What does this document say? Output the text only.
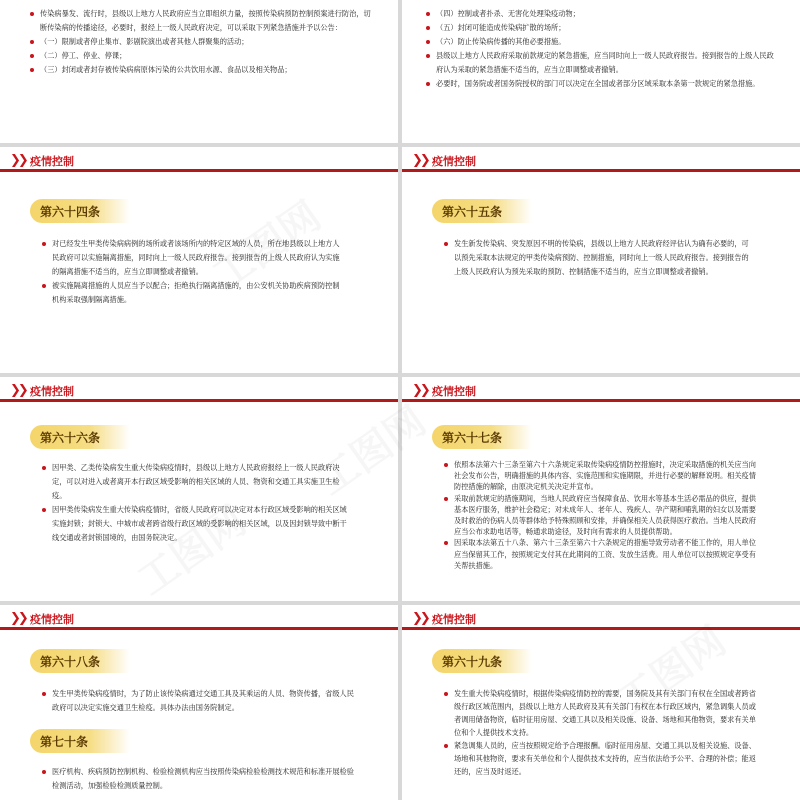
传染病暴发、流行时，县级以上地方人民政府应当立即组织力量，按照传染病预防控制预案进行防治，切断传染病的传播途径，必要时，报经上一级人民政府决定，可以采取下列紧急措施并予以公告：
（一）限制或者停止集市、影剧院演出或者其他人群聚集的活动；
（二）停工、停业、停课；
（三）封闭或者封存被传染病病原体污染的公共饮用水源、食品以及相关物品；
（四）控制或者扑杀、无害化处理染疫动物；
（五）封闭可能造成传染病扩散的场所；
（六）防止传染病传播的其他必要措施。
县级以上地方人民政府采取前款规定的紧急措施，应当同时向上一级人民政府报告。接到报告的上级人民政府认为采取的紧急措施不适当的，应当立即调整或者撤销。
必要时，国务院或者国务院授权的部门可以决定在全国或者部分区域采取本条第一款规定的紧急措施。
❯❯ 疫情控制
第六十四条
对已经发生甲类传染病病例的场所或者该场所内的特定区域的人员，所在地县级以上地方人民政府可以实施隔离措施，同时向上一级人民政府报告。接到报告的上级人民政府认为实施的隔离措施不适当的，应当立即调整或者撤销。
被实施隔离措施的人员应当予以配合；拒绝执行隔离措施的，由公安机关协助疾病预防控制机构采取强制隔离措施。
❯❯ 疫情控制
第六十五条
发生新发传染病、突发原因不明的传染病，县级以上地方人民政府经评估认为确有必要的，可以预先采取本法规定的甲类传染病预防、控制措施，同时向上一级人民政府报告。接到报告的上级人民政府认为预先采取的预防、控制措施不适当的，应当立即调整或者撤销。
❯❯ 疫情控制
第六十六条
因甲类、乙类传染病发生重大传染病疫情时，县级以上地方人民政府报经上一级人民政府决定，可以对进入或者离开本行政区域受影响的相关区域的人员、物资和交通工具实施卫生检疫。
因甲类传染病发生重大传染病疫情时，省级人民政府可以决定对本行政区域受影响的相关区域实施封锁；封锁大、中城市或者跨省级行政区域的受影响的相关区域，以及因封锁导致中断干线交通或者封锁国境的，由国务院决定。
❯❯ 疫情控制
第六十七条
依照本法第六十三条至第六十六条规定采取传染病疫情防控措施时，决定采取措施的机关应当向社会发布公告，明确措施的具体内容、实施范围和实施期限，并进行必要的解释说明。相关疫情防控措施的解除，由原决定机关决定并宣布。
采取前款规定的措施期间，当地人民政府应当保障食品、饮用水等基本生活必需品的供应，提供基本医疗服务，维护社会稳定；对未成年人、老年人、残疾人、孕产期和哺乳期的妇女以及需要及时救治的伤病人员等群体给予特殊照顾和安排，并确保相关人员获得医疗救治。当地人民政府应当公布求助电话等，畅通求助途径，及时向有需求的人员提供帮助。
因采取本法第五十八条、第六十三条至第六十六条规定的措施导致劳动者不能工作的，用人单位应当保留其工作，按照规定支付其在此期间的工资、发放生活费。用人单位可以按照规定享受有关帮扶措施。
❯❯ 疫情控制
第六十八条
发生甲类传染病疫情时，为了防止该传染病通过交通工具及其乘运的人员、物资传播，省级人民政府可以决定实施交通卫生检疫。具体办法由国务院制定。
第七十条
医疗机构、疾病预防控制机构、检验检测机构应当按照传染病检验检测技术规范和标准开展检验检测活动，加强检验检测质量控制。
❯❯ 疫情控制
第六十九条
发生重大传染病疫情时，根据传染病疫情防控的需要，国务院及其有关部门有权在全国或者跨省级行政区域范围内，县级以上地方人民政府及其有关部门有权在本行政区域内，紧急调集人员或者调用储备物资，临时征用房屋、交通工具以及相关设施、设备、场地和其他物资，要求有关单位和个人提供技术支持。
紧急调集人员的，应当按照规定给予合理报酬。临时征用房屋、交通工具以及相关设施、设备、场地和其他物资，要求有关单位和个人提供技术支持的，应当依法给予公平、合理的补偿；能返还的，应当及时返还。
